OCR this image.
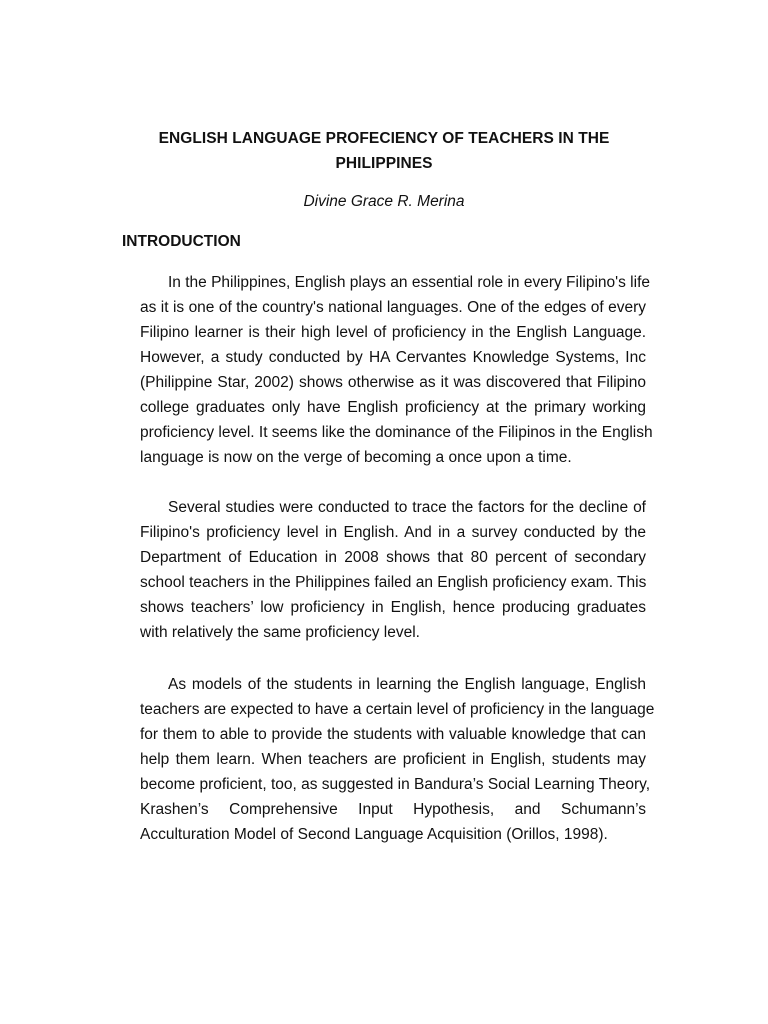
ENGLISH LANGUAGE PROFECIENCY OF TEACHERS IN THE
PHILIPPINES
Divine Grace R. Merina
INTRODUCTION
In the Philippines, English plays an essential role in every Filipino's life
as it is one of the country's national languages. One of the edges of every
Filipino learner is their high level of proficiency in the English Language.
However, a study conducted by HA Cervantes Knowledge Systems, Inc
(Philippine Star, 2002) shows otherwise as it was discovered that Filipino
college graduates only have English proficiency at the primary working
proficiency level. It seems like the dominance of the Filipinos in the English
language is now on the verge of becoming a once upon a time.
Several studies were conducted to trace the factors for the decline of
Filipino's proficiency level in English. And in a survey conducted by the
Department of Education in 2008 shows that 80 percent of secondary
school teachers in the Philippines failed an English proficiency exam. This
shows teachers’ low proficiency in English, hence producing graduates
with relatively the same proficiency level.
As models of the students in learning the English language, English
teachers are expected to have a certain level of proficiency in the language
for them to able to provide the students with valuable knowledge that can
help them learn. When teachers are proficient in English, students may
become proficient, too, as suggested in Bandura’s Social Learning Theory,
Krashen’s Comprehensive Input Hypothesis, and Schumann’s
Acculturation Model of Second Language Acquisition (Orillos, 1998).
